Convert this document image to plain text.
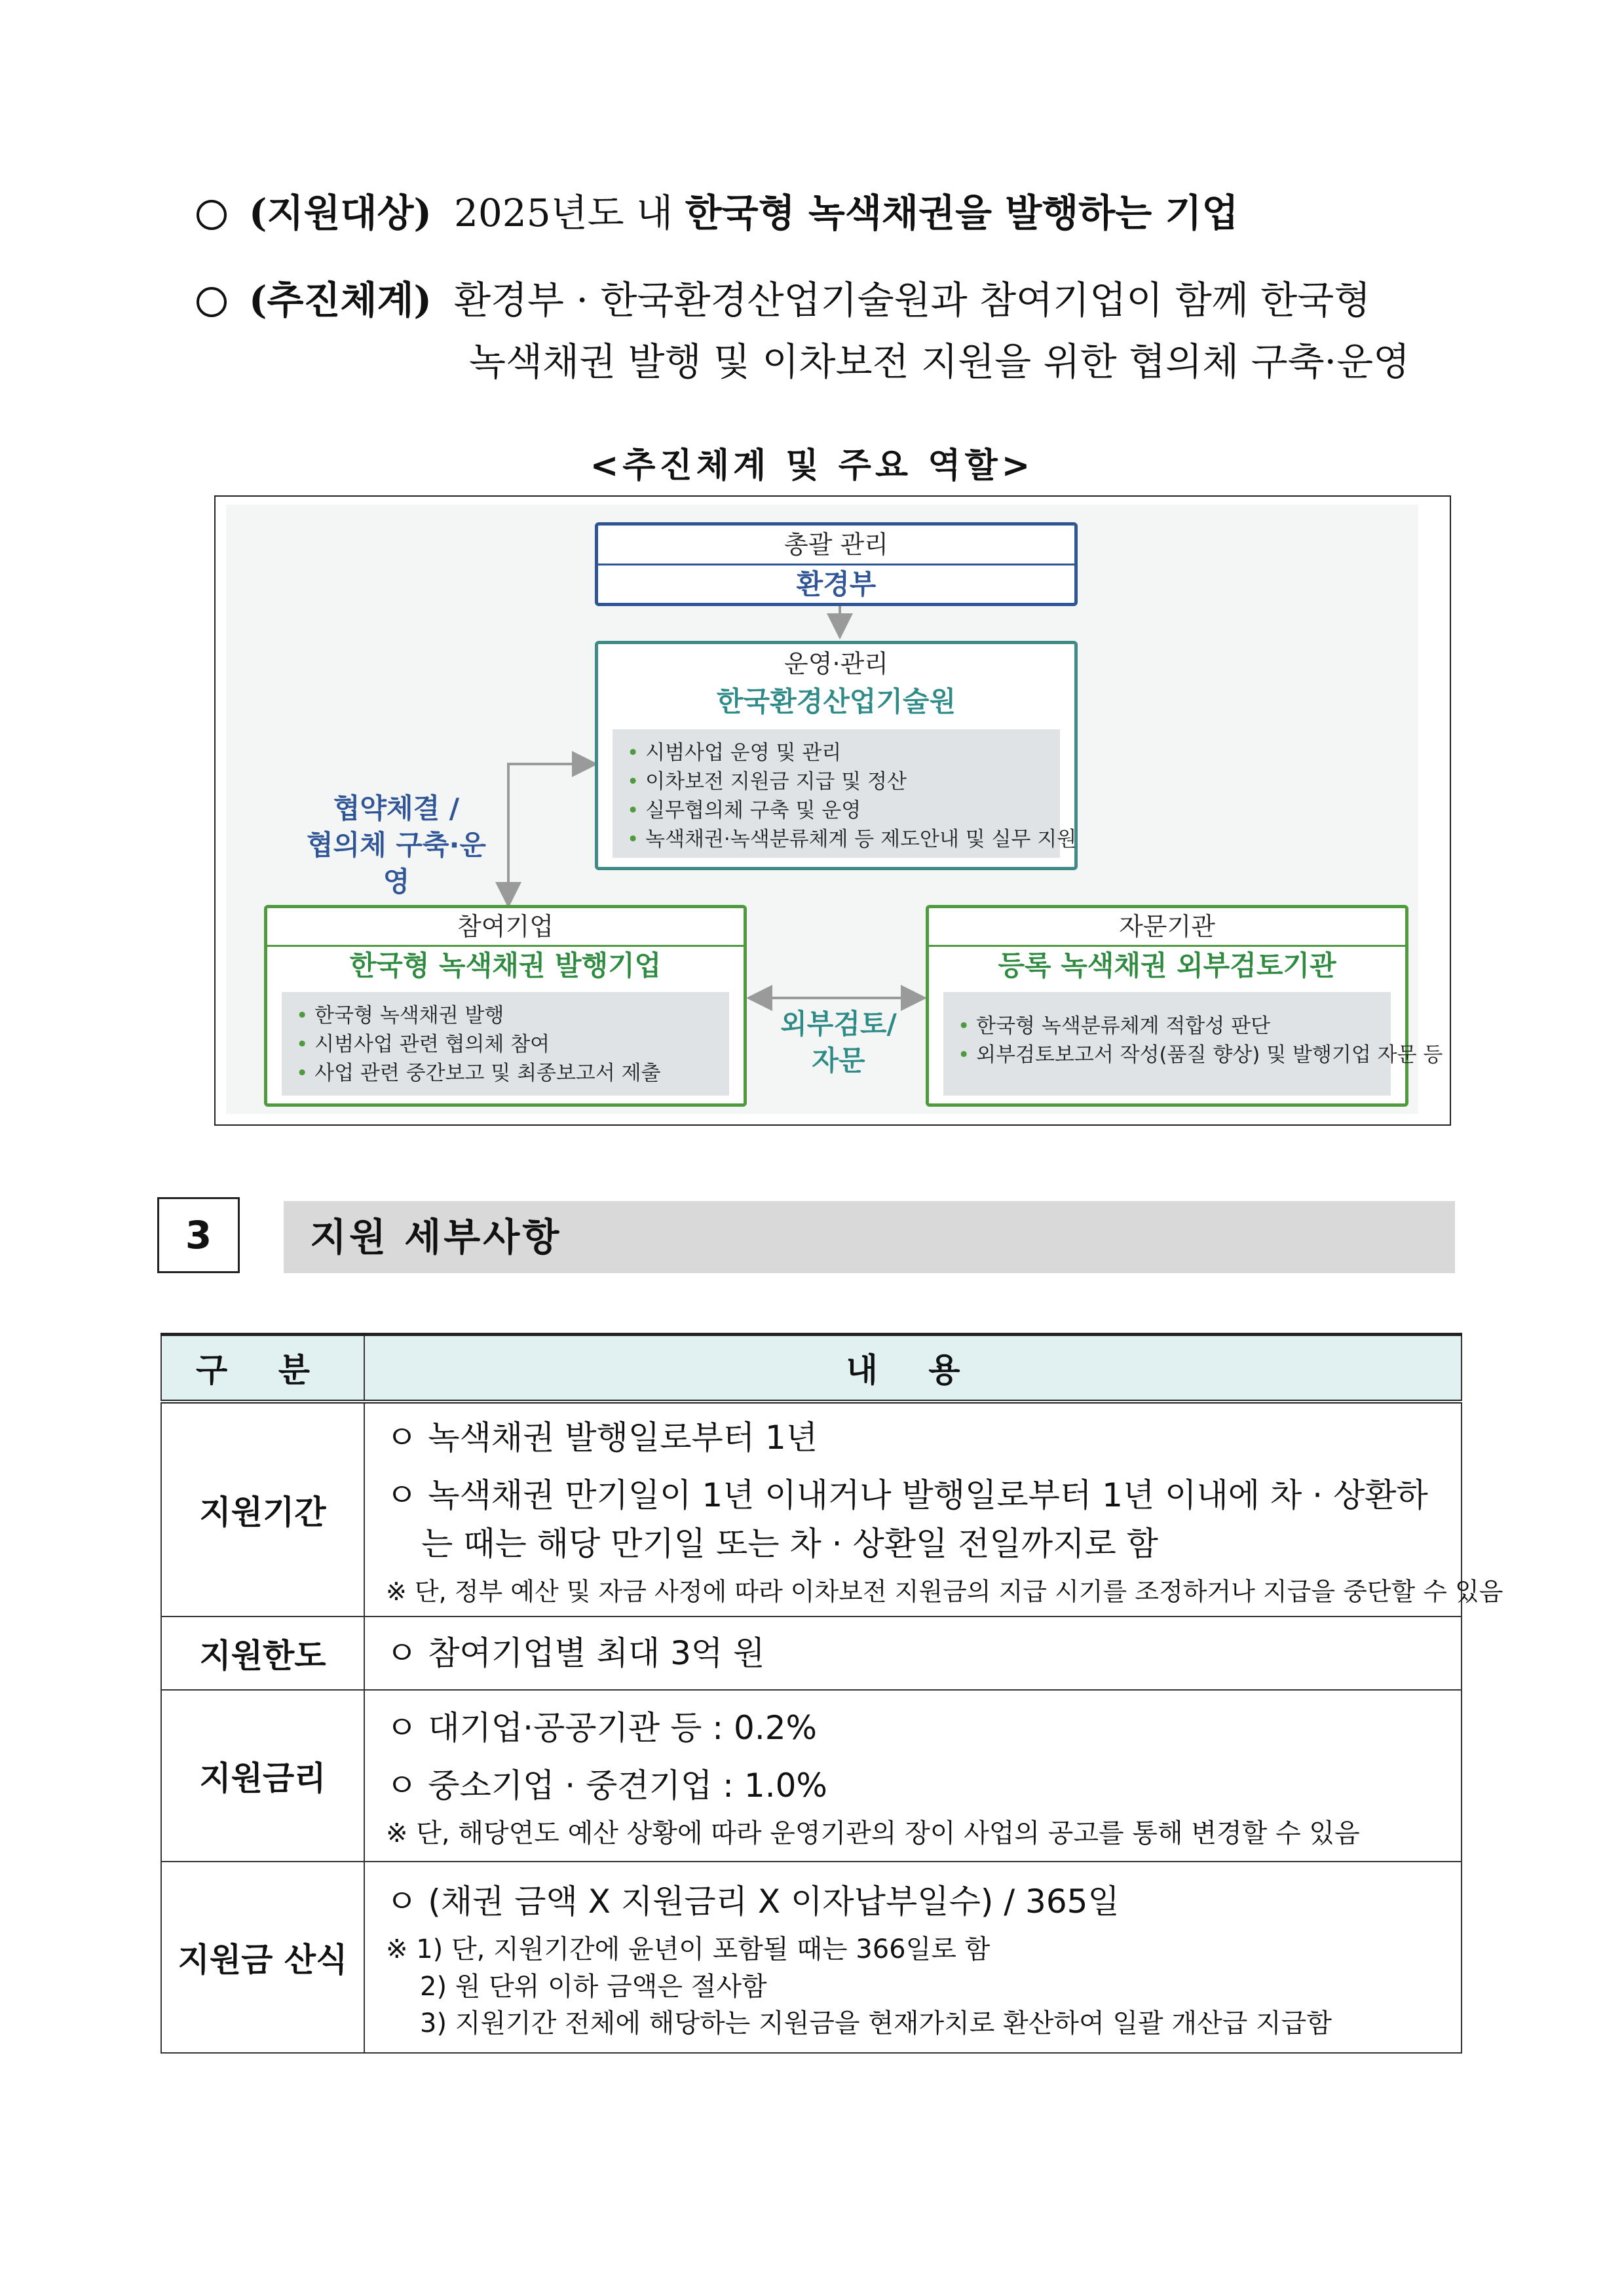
(지원대상) 2025년도 내 한국형 녹색채권을 발행하는 기업
(추진체계) 환경부 · 한국환경산업기술원과 참여기업이 함께 한국형
녹색채권 발행 및 이차보전 지원을 위한 협의체 구축·운영
<추진체계 및 주요 역할>
총괄 관리
환경부
운영·관리
한국환경산업기술원
• 시범사업 운영 및 관리
• 이차보전 지원금 지급 및 정산
• 실무협의체 구축 및 운영
• 녹색채권·녹색분류체계 등 제도안내 및 실무 지원
참여기업
한국형 녹색채권 발행기업
• 한국형 녹색채권 발행
• 시범사업 관련 협의체 참여
• 사업 관련 중간보고 및 최종보고서 제출
자문기관
등록 녹색채권 외부검토기관
• 한국형 녹색분류체계 적합성 판단
• 외부검토보고서 작성(품질 향상) 및 발행기업 자문 등
협약체결 /
협의체 구축·운영
외부검토/
자문
3	지원 세부사항
구 분	내 용
지원기간	ㅇ 녹색채권 발행일로부터 1년
ㅇ 녹색채권 만기일이 1년 이내거나 발행일로부터 1년 이내에 차 · 상환하는 때는 해당 만기일 또는 차 · 상환일 전일까지로 함
※ 단, 정부 예산 및 자금 사정에 따라 이차보전 지원금의 지급 시기를 조정하거나 지급을 중단할 수 있음

지원한도	ㅇ 참여기업별 최대 3억 원

지원금리	ㅇ 대기업·공공기관 등 : 0.2%
ㅇ 중소기업 · 중견기업 : 1.0%
※ 단, 해당연도 예산 상황에 따라 운영기관의 장이 사업의 공고를 통해 변경할 수 있음

지원금 산식	ㅇ (채권 금액 X 지원금리 X 이자납부일수) / 365일
※ 1) 단, 지원기간에 윤년이 포함될 때는 366일로 함
2) 원 단위 이하 금액은 절사함
3) 지원기간 전체에 해당하는 지원금을 현재가치로 환산하여 일괄 개산급 지급함
